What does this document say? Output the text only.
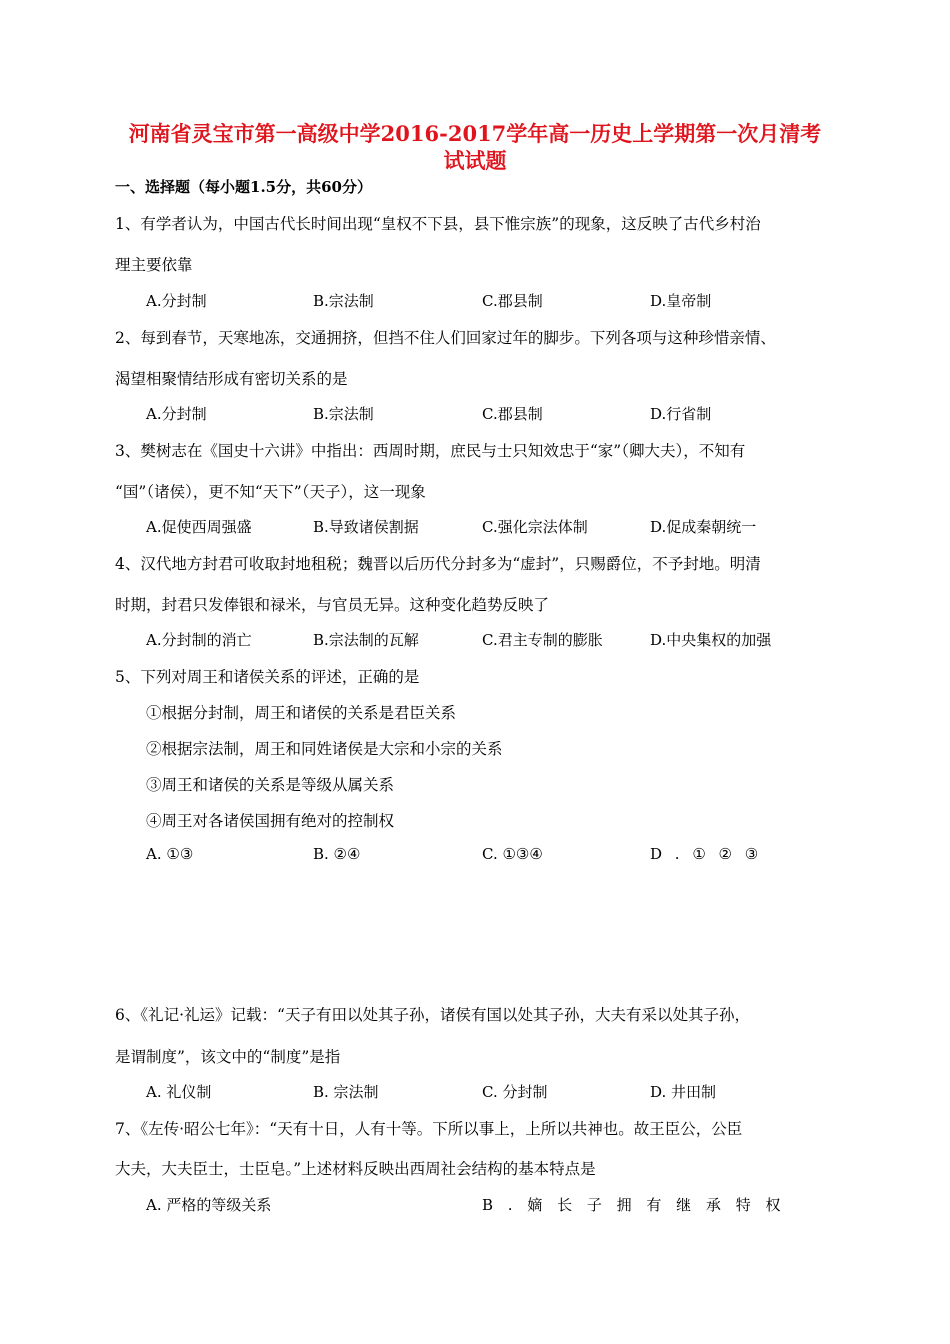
河南省灵宝市第一高级中学2016-2017学年高一历史上学期第一次月清考
试试题
一、选择题（每小题1.5分，共60分）
1、有学者认为，中国古代长时间出现“皇权不下县，县下惟宗族”的现象，这反映了古代乡村治
理主要依靠
A.分封制	B.宗法制	C.郡县制	D.皇帝制
2、每到春节，天寒地冻，交通拥挤，但挡不住人们回家过年的脚步。下列各项与这种珍惜亲情、
渴望相聚情结形成有密切关系的是
A.分封制	B.宗法制	C.郡县制	D.行省制
3、樊树志在《国史十六讲》中指出：西周时期，庶民与士只知效忠于“家”（卿大夫），不知有
“国”（诸侯），更不知“天下”（天子），这一现象
A.促使西周强盛	B.导致诸侯割据	C.强化宗法体制	D.促成秦朝统一
4、汉代地方封君可收取封地租税；魏晋以后历代分封多为“虚封”，只赐爵位，不予封地。明清
时期，封君只发俸银和禄米，与官员无异。这种变化趋势反映了
A.分封制的消亡	B.宗法制的瓦解	C.君主专制的膨胀	D.中央集权的加强
5、下列对周王和诸侯关系的评述，正确的是
①根据分封制，周王和诸侯的关系是君臣关系
②根据宗法制，周王和同姓诸侯是大宗和小宗的关系
③周王和诸侯的关系是等级从属关系
④周王对各诸侯国拥有绝对的控制权
A. ①③	B. ②④	C. ①③④	D . ① ② ③
6、《礼记·礼运》记载：“天子有田以处其子孙，诸侯有国以处其子孙，大夫有采以处其子孙，
是谓制度”，该文中的“制度”是指
A. 礼仪制	B. 宗法制	C. 分封制	D. 井田制
7、《左传·昭公七年》：“天有十日，人有十等。下所以事上，上所以共神也。故王臣公，公臣
大夫，大夫臣士，士臣皂。”上述材料反映出西周社会结构的基本特点是
A. 严格的等级关系	B . 嫡 长 子 拥 有 继 承 特 权
